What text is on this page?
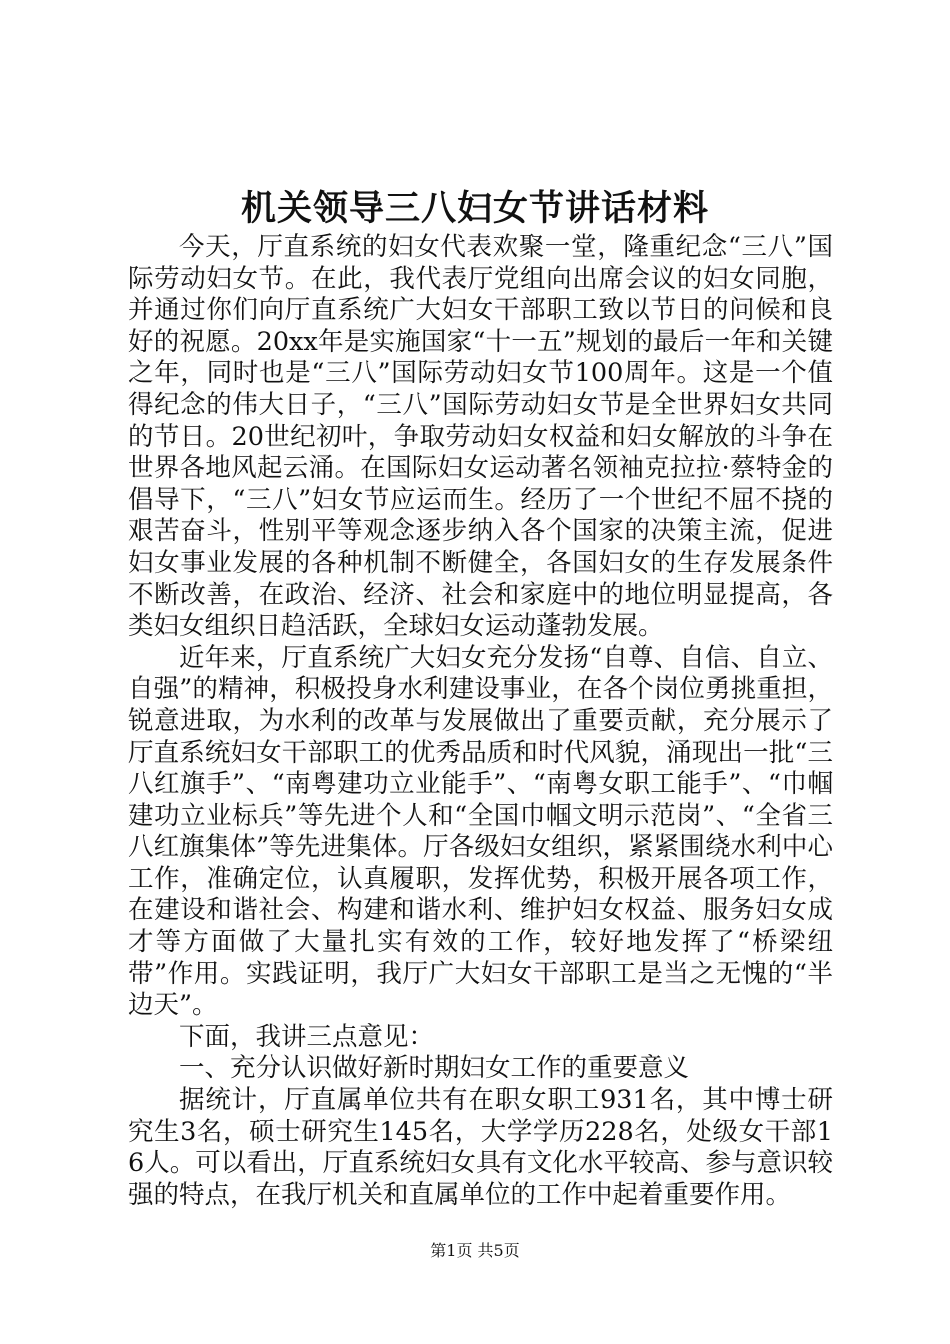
机关领导三八妇女节讲话材料

今天，厅直系统的妇女代表欢聚一堂，隆重纪念“三八”国际劳动妇女节。在此，我代表厅党组向出席会议的妇女同胞，并通过你们向厅直系统广大妇女干部职工致以节日的问候和良好的祝愿。20xx年是实施国家“十一五”规划的最后一年和关键之年，同时也是“三八”国际劳动妇女节100周年。这是一个值得纪念的伟大日子，“三八”国际劳动妇女节是全世界妇女共同的节日。20世纪初叶，争取劳动妇女权益和妇女解放的斗争在世界各地风起云涌。在国际妇女运动著名领袖克拉拉·蔡特金的倡导下，“三八”妇女节应运而生。经历了一个世纪不屈不挠的艰苦奋斗，性别平等观念逐步纳入各个国家的决策主流，促进妇女事业发展的各种机制不断健全，各国妇女的生存发展条件不断改善，在政治、经济、社会和家庭中的地位明显提高，各类妇女组织日趋活跃，全球妇女运动蓬勃发展。

近年来，厅直系统广大妇女充分发扬“自尊、自信、自立、自强”的精神，积极投身水利建设事业，在各个岗位勇挑重担，锐意进取，为水利的改革与发展做出了重要贡献，充分展示了厅直系统妇女干部职工的优秀品质和时代风貌，涌现出一批“三八红旗手”、“南粤建功立业能手”、“南粤女职工能手”、“巾帼建功立业标兵”等先进个人和“全国巾帼文明示范岗”、“全省三八红旗集体”等先进集体。厅各级妇女组织，紧紧围绕水利中心工作，准确定位，认真履职，发挥优势，积极开展各项工作，在建设和谐社会、构建和谐水利、维护妇女权益、服务妇女成才等方面做了大量扎实有效的工作，较好地发挥了“桥梁纽带”作用。实践证明，我厅广大妇女干部职工是当之无愧的“半边天”。

下面，我讲三点意见：

一、充分认识做好新时期妇女工作的重要意义

据统计，厅直属单位共有在职女职工931名，其中博士研究生3名，硕士研究生145名，大学学历228名，处级女干部16人。可以看出，厅直系统妇女具有文化水平较高、参与意识较强的特点，在我厅机关和直属单位的工作中起着重要作用。

第1页 共5页
